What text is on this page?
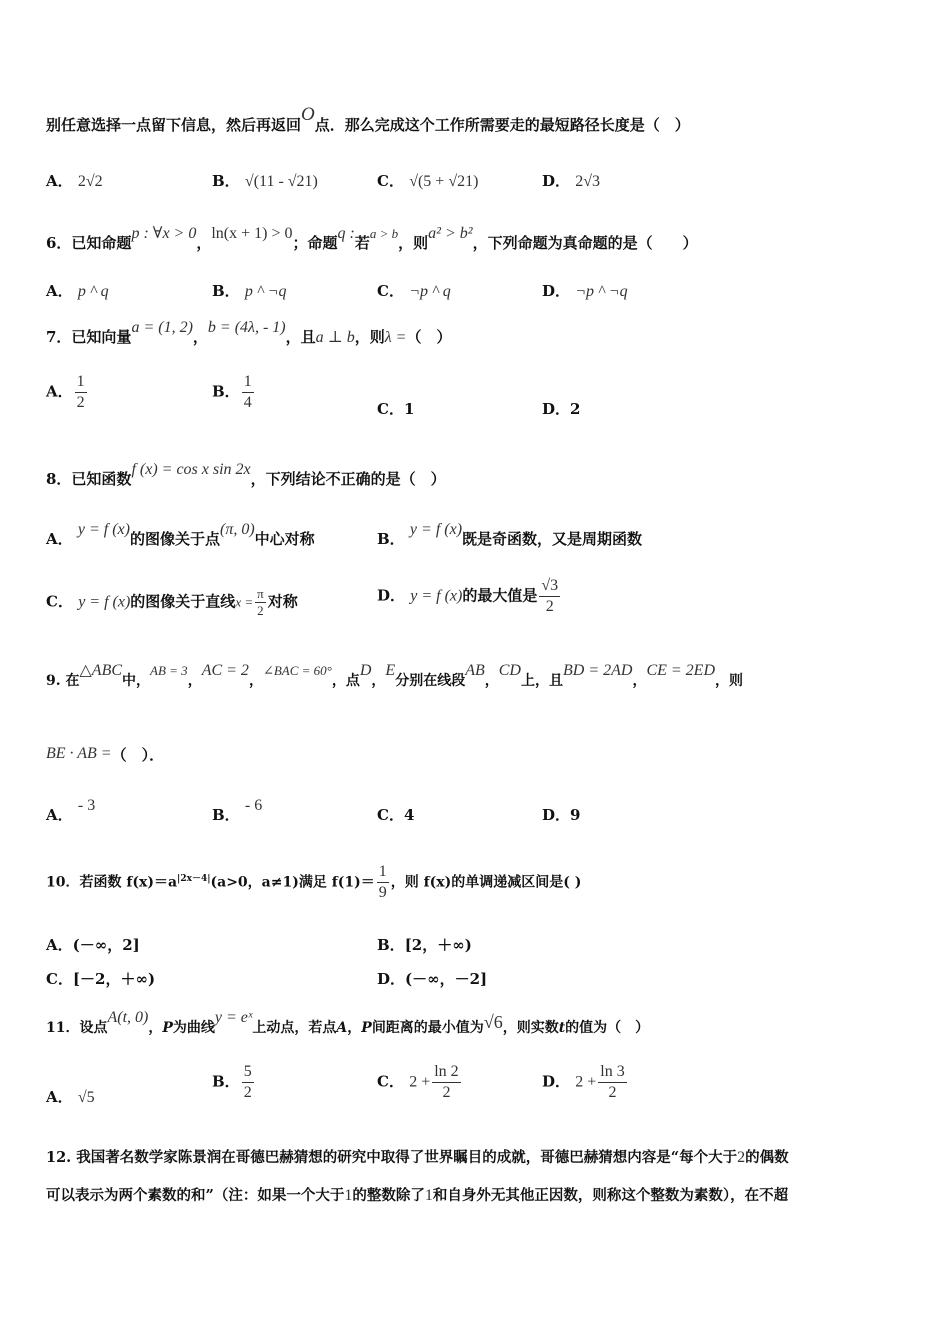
别任意选择一点留下信息，然后再返回O点．那么完成这个工作所需要走的最短路径长度是（　）
A． 2√2	B． √(11 - √21)	C． √(5 + √21)	D． 2√3
6．已知命题p : ∀x > 0，ln(x + 1) > 0；命题q :若a > b，则a² > b²，下列命题为真命题的是（　　）
A． p ^ q	B． p ^ ¬q	C． ¬p ^ q	D． ¬p ^ ¬q
7．已知向量a = (1, 2)，b = (4λ, - 1)，且a ⊥ b，则λ =（　）
A． $\frac{1}{2}$	B． $\frac{1}{4}$	C．1	D．2
8．已知函数f (x) = cos x sin 2x，下列结论不正确的是（　）
A． y = f (x)的图像关于点(π, 0)中心对称	B． y = f (x)既是奇函数，又是周期函数
C． y = f (x)的图像关于直线$x = \frac{\pi}{2}$ 对称	D． y = f (x)的最大值是 $\frac{√3}{2}$
9. 在△ABC中，AB = 3，AC = 2，∠BAC = 60°，点D，E分别在线段AB，CD上，且BD = 2AD，CE = 2ED，则
BE · AB =（　）．
A． - 3
B． - 6
C．4	D．9
10．若函数 $f(x)=a^{|2x-4|}(a>0$，a≠1)满足 $f(1)= \frac{1}{9}$ ，则 f(x)的单调递减区间是( )
A．(－∞，2]	B．[2，＋∞)
C．[－2，＋∞)	D．(－∞，－2]
11．设点A(t, 0)，P为曲线y = eˣ上动点，若点A，P间距离的最小值为√6，则实数t的值为（　）
A． √5
B． $\frac{5}{2}$	C． $2 + \frac{\ln 2}{2}$	D． $2 + \frac{\ln 3}{2}$
12. 我国著名数学家陈景润在哥德巴赫猜想的研究中取得了世界瞩目的成就，哥德巴赫猜想内容是“每个大于2的偶数
可以表示为两个素数的和”（注：如果一个大于1的整数除了1和自身外无其他正因数，则称这个整数为素数），在不超
